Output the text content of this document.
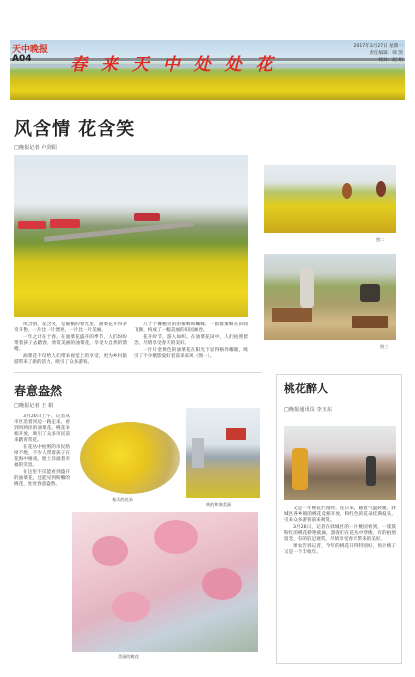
天中晚报
A04 春 来 天 中 处 处 花
2017年3月27日 星期一
责任编辑：韩 凯
校对：赵 娟
风含情 花含笑
□晚报记者 卢剑阳

风含情，花含笑，室暖桐的春光里，油菜花开得争奇斗艳，一片比一片漂亮，一片比一片美丽。

一年之计在于春。在油菜花盛开的季节，人们纷纷带着孩子去踏春，欣赏美丽的油菜花，享受大自然的馈赠。

油菜花不仅给人们带来视觉上的享受，更为乡村旅游带来了新的活力，吸引了众多游客。

几十个摊棚笑的的蜜蜂和蝴蝶，一群群蜜蜂在田间飞舞，构成了一幅美丽的田园画卷。

花开时节，游人如织。在油菜花田中，人们拍照留念，尽情享受春天的美好。

一片片金黄色的油菜花在阳光下显得格外耀眼，吸引了不少摄影爱好者前来采风（图一）。

图二
图三
春意盎然
□晚报记者 王 娟

3月20日上午，记者从市区沿着河边一路走来，看到河两岸的油菜花、桃花争相开放，吸引了众多市民前来踏青赏花。

在花丛中拍照的市民络绎不绝，不少人带着孩子在花海中嬉戏，脸上洋溢着幸福的笑容。

在这里不仅能看到盛开的油菜花，还能见到粉嫩的桃花，处处春意盎然。

春天的花朵
黄的和谐美丽
美丽的桃花
桃花醉人
□晚报通讯员 李玉东

又是一年桃花烂漫时。连日来，随着气温转暖，驿城区各乡镇的桃花竞相开放，粉红色的花朵挂满枝头，引来众多游客前来观赏。

3月26日，记者在驿城区的一片桃园看到，一簇簇粉红的桃花娇艳欲滴，游客们在花丛中穿梭，有的拍照留念，有的驻足观赏，尽情享受春天带来的美好。

果农告诉记者，今年的桃花开得特别好，预计桃子又是一个丰收年。
